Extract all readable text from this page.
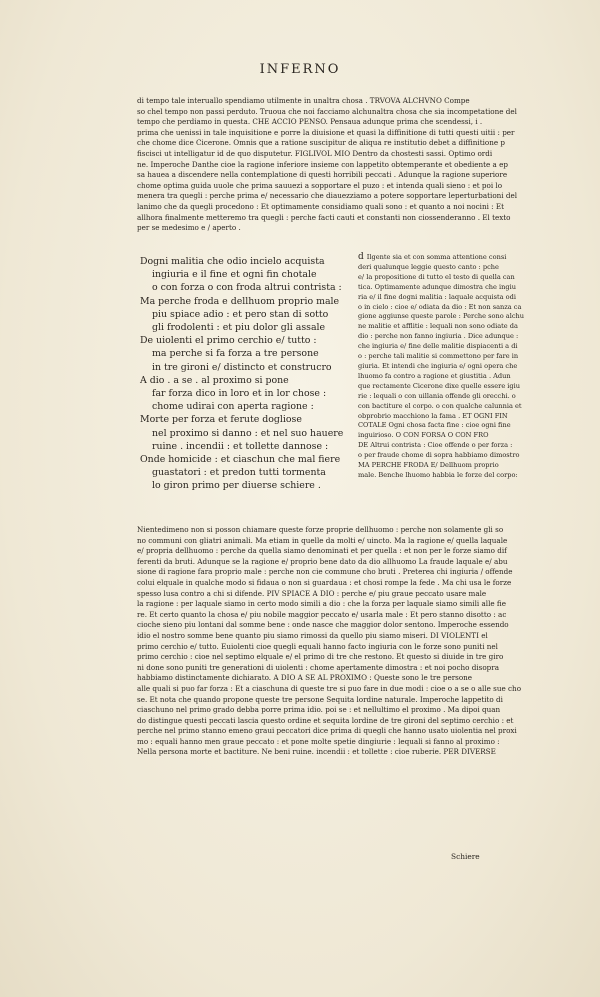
INFERNO

di tempo tale interuallo spendiamo utilmente in unaltra chosa . TRVOVA ALCHVNO Compe

so chel tempo non passi perduto. Truoua che noi facciamo alchunaltra chosa che sia incompetatione del

tempo che perdiamo in questa. CHE ACCIO PENSO. Pensaua adunque prima che scendessi, i .

prima che uenissi in tale inquisitione e porre la diuisione et quasi la diffinitione di tutti questi uitii : per

che chome dice Cicerone. Omnis que a ratione suscipitur de aliqua re institutio debet a diffinitione p

fiscisci ut intelligatur id de quo disputetur. FIGLIVOL MIO Dentro da chostesti sassi. Optimo ordi

ne. Imperoche Danthe cioe la ragione inferiore insieme con lappetito obtemperante et obediente a ep

sa hauea a discendere nella contemplatione di questi horribili peccati . Adunque la ragione superiore

chome optima guida uuole che prima sauuezi a sopportare el puzo : et intenda quali sieno : et poi lo

menera tra quegli : perche prima e/ necessario che diauezziamo a potere sopportare leperturbationi del

lanimo che da quegli procedono : Et optimamente considiamo quali sono : et quanto a noi nocini : Et

allhora finalmente metteremo tra quegli : perche facti cauti et constanti non ciossenderanno . El texto

per se medesimo e / aperto .

Dogni malitia che odio incielo acquista

ingiuria e il fine et ogni fin chotale

o con forza o con froda altrui contrista :

Ma perche froda e dellhuom proprio male

piu spiace adio : et pero stan di sotto

gli frodolenti : et piu dolor gli assale

De uiolenti el primo cerchio e/ tutto :

ma perche si fa forza a tre persone

in tre gironi e/ distincto et construcro

A dio . a se . al proximo si pone

far forza dico in loro et in lor chose :

chome udirai con aperta ragione :

Morte per forza et ferute dogliose

nel proximo si danno : et nel suo hauere

ruine . incendii : et tollette dannose :

Onde homicide : et ciaschun che mal fiere

guastatori : et predon tutti tormenta

lo giron primo per diuerse schiere .

d Ilgente sia et con somma attentione consi

deri qualunque leggie questo canto : pche

e/ la propositione di tutto el testo di quella can

tica. Optimamente adunque dimostra che ingiu

ria e/ il fine dogni malitia : laquale acquista odi

o in cielo : cioe e/ odiata da dio : Et non sanza ca

gione aggiunse queste parole : Perche sono alchu

ne malitie et afflitie : lequali non sono odiate da

dio : perche non fanno ingiuria . Dice adunque :

che ingiuria e/ fine delle malitie dispiacenti a di

o : perche tali malitie si commettono per fare in

giuria. Et intendi che ingiuria e/ ogni opera che

lhuomo fa contro a ragione et giustitia . Adun

que rectamente Cicerone dixe quelle essere igiu

rie : lequali o con uillania offende gli orecchi. o

con bactiture el corpo. o con qualche calunnia et

obprobrio macchiono la fama . ET OGNI FIN

COTALE Ogni chosa facta fine : cioe ogni fine

inguirioso. O CON FORSA O CON FRO

DE Altrui contrista : Cioe offende o per forza :

o per fraude chome di sopra habbiamo dimostro

MA PERCHE FRODA E/ Dellhuom proprio

male. Benche lhuomo habbia le forze del corpo:

Nientedimeno non si posson chiamare queste forze proprie dellhuomo : perche non solamente gli so

no communi con gliatri animali. Ma etiam in quelle da molti e/ uincto. Ma la ragione e/ quella laquale

e/ propria dellhuomo : perche da quella siamo denominati et per quella : et non per le forze siamo dif

ferenti da bruti. Adunque se la ragione e/ proprio bene dato da dio allhuomo La fraude laquale e/ abu

sione di ragione fara proprio male : perche non cie commune cho bruti . Preterea chi ingiuria / offende

colui elquale in qualche modo si fidaua o non si guardaua : et chosi rompe la fede . Ma chi usa le forze

spesso lusa contro a chi si difende. PIV SPIACE A DIO : perche e/ piu graue peccato usare male

la ragione : per laquale siamo in certo modo simili a dio : che la forza per laquale siamo simili alle fie

re. Et certo quanto la chosa e/ piu nobile maggior peccato e/ usarla male : Et pero stanno disotto : ac

cioche sieno piu lontani dal somme bene : onde nasce che maggior dolor sentono. Imperoche essendo

idio el nostro somme bene quanto piu siamo rimossi da quello piu siamo miseri. DI VIOLENTI el

primo cerchio e/ tutto. Euiolenti cioe quegli equali hanno facto ingiuria con le forze sono puniti nel

primo cerchio : cioe nel septimo elquale e/ el primo di tre che restono. Et questo si diuide in tre giro

ni done sono puniti tre generationi di uiolenti : chome apertamente dimostra : et noi pocho disopra

habbiamo distinctamente dichiarato. A DIO A SE AL PROXIMO : Queste sono le tre persone

alle quali si puo far forza : Et a ciaschuna di queste tre si puo fare in due modi : cioe o a se o alle sue cho

se. Et nota che quando propone queste tre persone Sequita lordine naturale. Imperoche lappetito di

ciaschuno nel primo grado debba porre prima idio. poi se : et nellultimo el proximo . Ma dipoi quan

do distingue questi peccati lascia questo ordine et sequita lordine de tre gironi del septimo cerchio : et

perche nel primo stanno emeno graui peccatori dice prima di quegli che hanno usato uiolentia nel proxi

mo : equali hanno men graue peccato : et pone molte spetie dingiurie : lequali si fanno al proximo :

Nella persona morte et bactiture. Ne beni ruine. incendii : et tollette : cioe ruberie. PER DIVERSE

Schiere
